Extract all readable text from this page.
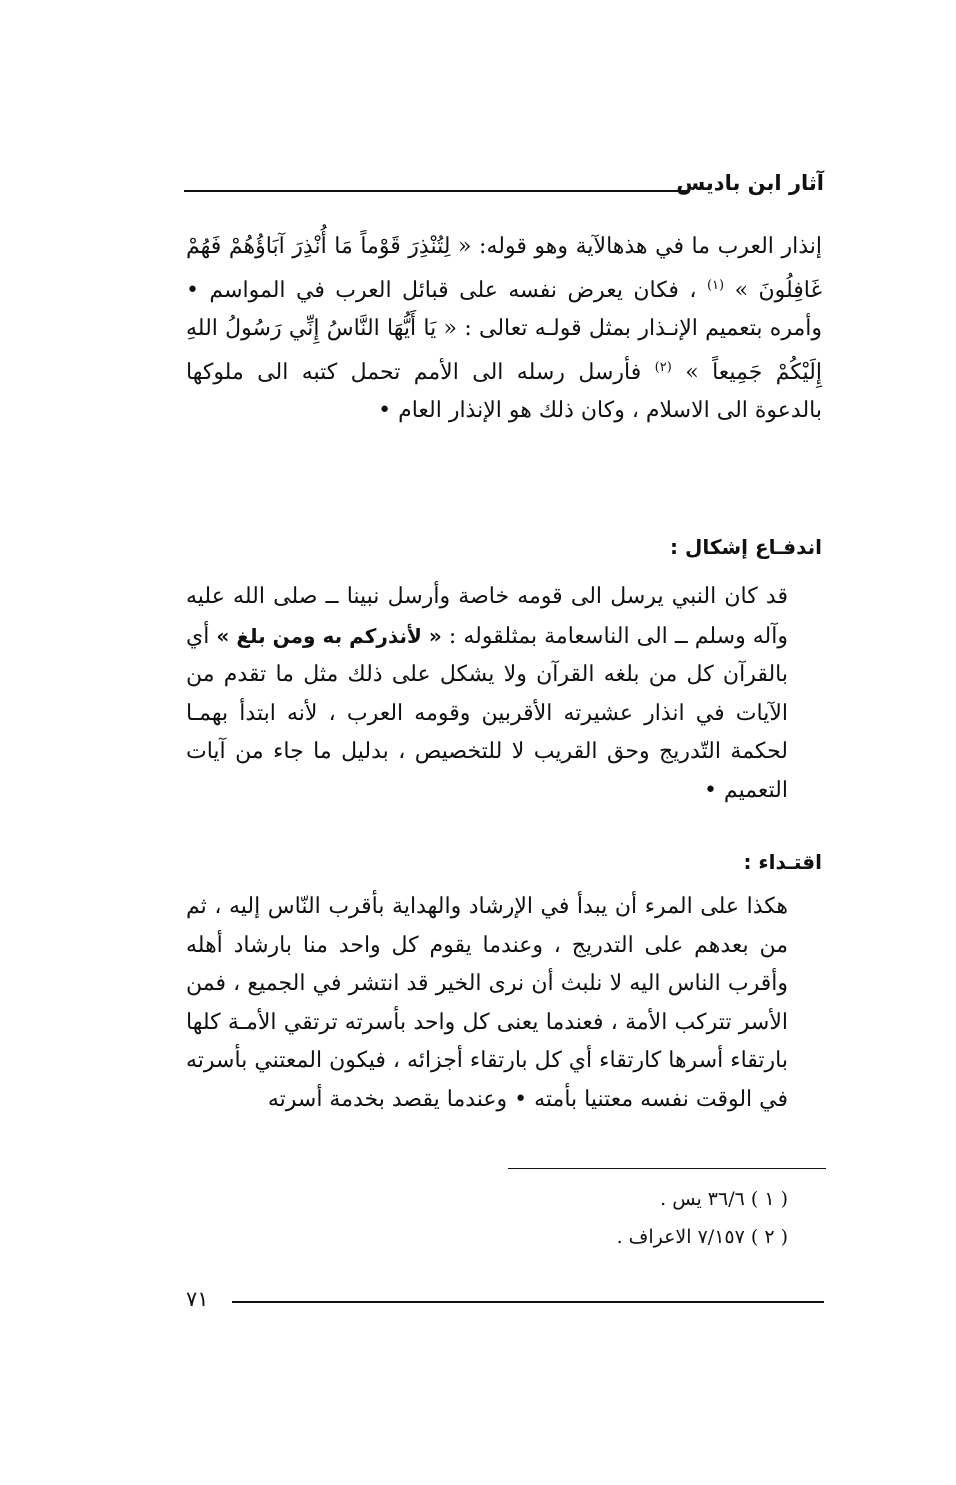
آثار ابن باديس

إنذار العرب ما في هذهالآية وهو قوله: « لِتُنْذِرَ قَوْماً مَا أُنْذِرَ آبَاؤُهُمْ فَهُمْ غَافِلُونَ » $^{(١)}$ ، فكان يعرض نفسه على قبائل العرب في المواسم • وأمره بتعميم الإنـذار بمثل قولـه تعالى : « يَا أَيُّهَا النَّاسُ إِنِّي رَسُولُ اللهِ إِلَيْكُمْ جَمِيعاً » $^{(٢)}$ فأرسل رسله الى الأمم تحمل كتبه الى ملوكها بالدعوة الى الاسلام ، وكان ذلك هو الإنذار العام •

اندفـاع إشكال :

قد كان النبي يرسل الى قومه خاصة وأرسل نبينا ــ صلى الله عليه وآله وسلم ــ الى الناسعامة بمثلقوله : « لأنذركم به ومن بلغ » أي بالقرآن كل من بلغه القرآن ولا يشكل على ذلك مثل ما تقدم من الآيات في انذار عشيرته الأقربين وقومه العرب ، لأنه ابتدأ بهمـا لحكمة التّدريج وحق القريب لا للتخصيص ، بدليل ما جاء من آيات التعميم •

اقتـداء :

هكذا على المرء أن يبدأ في الإرشاد والهداية بأقرب النّاس إليه ، ثم من بعدهم على التدريج ، وعندما يقوم كل واحد منا بارشاد أهله وأقرب الناس اليه لا نلبث أن نرى الخير قد انتشر في الجميع ، فمن الأسر تتركب الأمة ، فعندما يعنى كل واحد بأسرته ترتقي الأمـة كلها بارتقاء أسرها كارتقاء أي كل بارتقاء أجزائه ، فيكون المعتني بأسرته في الوقت نفسه معتنيا بأمته • وعندما يقصد بخدمة أسرته

( ١ ) ٣٦/٦ يس .
( ٢ ) ٧/١٥٧ الاعراف .
٧١
